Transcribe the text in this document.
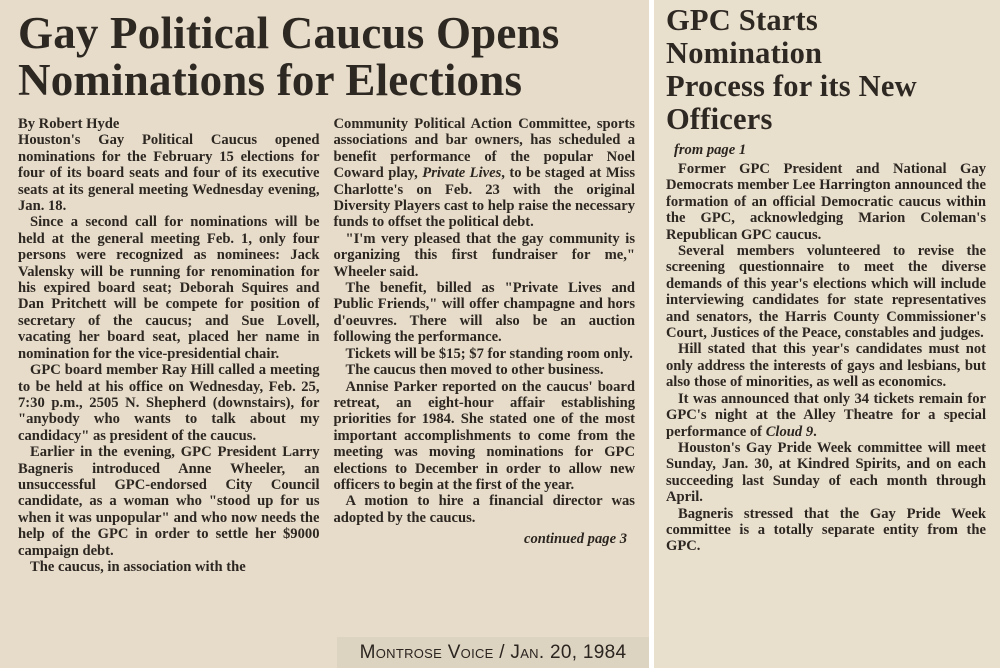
Gay Political Caucus Opens
Nominations for Elections

By Robert Hyde

Houston's Gay Political Caucus opened nominations for the February 15 elections for four of its board seats and four of its executive seats at its general meeting Wednesday evening, Jan. 18.

Since a second call for nominations will be held at the general meeting Feb. 1, only four persons were recognized as nominees: Jack Valensky will be running for renomination for his expired board seat; Deborah Squires and Dan Pritchett will be compete for position of secretary of the caucus; and Sue Lovell, vacating her board seat, placed her name in nomination for the vice-presidential chair.

GPC board member Ray Hill called a meeting to be held at his office on Wednesday, Feb. 25, 7:30 p.m., 2505 N. Shepherd (downstairs), for "anybody who wants to talk about my candidacy" as president of the caucus.

Earlier in the evening, GPC President Larry Bagneris introduced Anne Wheeler, an unsuccessful GPC-endorsed City Council candidate, as a woman who "stood up for us when it was unpopular" and who now needs the help of the GPC in order to settle her $9000 campaign debt.

The caucus, in association with the

Community Political Action Committee, sports associations and bar owners, has scheduled a benefit performance of the popular Noel Coward play, Private Lives, to be staged at Miss Charlotte's on Feb. 23 with the original Diversity Players cast to help raise the necessary funds to offset the political debt.

"I'm very pleased that the gay community is organizing this first fundraiser for me," Wheeler said.

The benefit, billed as "Private Lives and Public Friends," will offer champagne and hors d'oeuvres. There will also be an auction following the performance.

Tickets will be $15; $7 for standing room only.

The caucus then moved to other business.

Annise Parker reported on the caucus' board retreat, an eight-hour affair establishing priorities for 1984. She stated one of the most important accomplishments to come from the meeting was moving nominations for GPC elections to December in order to allow new officers to begin at the first of the year.

A motion to hire a financial director was adopted by the caucus.

continued page 3
Montrose Voice / Jan. 20, 1984
GPC Starts
Nomination
Process for its New
Officers
from page 1

Former GPC President and National Gay Democrats member Lee Harrington announced the formation of an official Democratic caucus within the GPC, acknowledging Marion Coleman's Republican GPC caucus.

Several members volunteered to revise the screening questionnaire to meet the diverse demands of this year's elections which will include interviewing candidates for state representatives and senators, the Harris County Commissioner's Court, Justices of the Peace, constables and judges.

Hill stated that this year's candidates must not only address the interests of gays and lesbians, but also those of minorities, as well as economics.

It was announced that only 34 tickets remain for GPC's night at the Alley Theatre for a special performance of Cloud 9.

Houston's Gay Pride Week committee will meet Sunday, Jan. 30, at Kindred Spirits, and on each succeeding last Sunday of each month through April.

Bagneris stressed that the Gay Pride Week committee is a totally separate entity from the GPC.
